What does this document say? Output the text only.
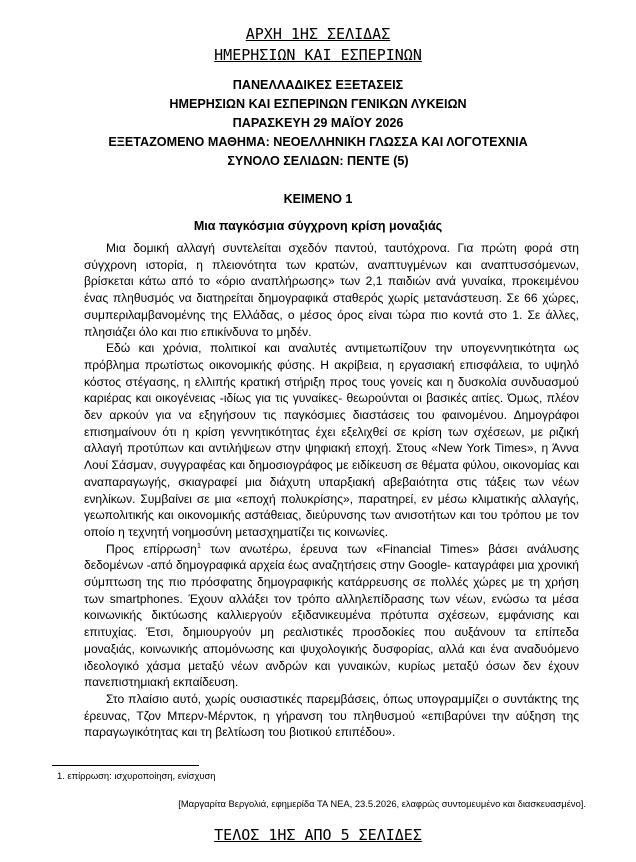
ΑΡΧΗ 1ΗΣ ΣΕΛΙΔΑΣ
ΗΜΕΡΗΣΙΩΝ ΚΑΙ ΕΣΠΕΡΙΝΩΝ
ΠΑΝΕΛΛΑΔΙΚΕΣ ΕΞΕΤΑΣΕΙΣ
ΗΜΕΡΗΣΙΩΝ ΚΑΙ ΕΣΠΕΡΙΝΩΝ ΓΕΝΙΚΩΝ ΛΥΚΕΙΩΝ
ΠΑΡΑΣΚΕΥΗ 29 ΜΑΪΟΥ 2026
ΕΞΕΤΑΖΟΜΕΝΟ ΜΑΘΗΜΑ: ΝΕΟΕΛΛΗΝΙΚΗ ΓΛΩΣΣΑ ΚΑΙ ΛΟΓΟΤΕΧΝΙΑ
ΣΥΝΟΛΟ ΣΕΛΙΔΩΝ: ΠΕΝΤΕ (5)
ΚΕΙΜΕΝΟ 1
Μια παγκόσμια σύγχρονη κρίση μοναξιάς

Μια δομική αλλαγή συντελείται σχεδόν παντού, ταυτόχρονα. Για πρώτη φορά στη σύγχρονη ιστορία, η πλειονότητα των κρατών, αναπτυγμένων και αναπτυσσόμενων, βρίσκεται κάτω από το «όριο αναπλήρωσης» των 2,1 παιδιών ανά γυναίκα, προκειμένου ένας πληθυσμός να διατηρείται δημογραφικά σταθερός χωρίς μετανάστευση. Σε 66 χώρες, συμπεριλαμβανομένης της Ελλάδας, ο μέσος όρος είναι τώρα πιο κοντά στο 1. Σε άλλες, πλησιάζει όλο και πιο επικίνδυνα το μηδέν.

Εδώ και χρόνια, πολιτικοί και αναλυτές αντιμετωπίζουν την υπογεννητικότητα ως πρόβλημα πρωτίστως οικονομικής φύσης. Η ακρίβεια, η εργασιακή επισφάλεια, το υψηλό κόστος στέγασης, η ελλιπής κρατική στήριξη προς τους γονείς και η δυσκολία συνδυασμού καριέρας και οικογένειας -ιδίως για τις γυναίκες- θεωρούνται οι βασικές αιτίες. Όμως, πλέον δεν αρκούν για να εξηγήσουν τις παγκόσμιες διαστάσεις του φαινομένου. Δημογράφοι επισημαίνουν ότι η κρίση γεννητικότητας έχει εξελιχθεί σε κρίση των σχέσεων, με ριζική αλλαγή προτύπων και αντιλήψεων στην ψηφιακή εποχή. Στους «New York Times», η Άννα Λουί Σάσμαν, συγγραφέας και δημοσιογράφος με ειδίκευση σε θέματα φύλου, οικονομίας και αναπαραγωγής, σκιαγραφεί μια διάχυτη υπαρξιακή αβεβαιότητα στις τάξεις των νέων ενηλίκων. Συμβαίνει σε μια «εποχή πολυκρίσης», παρατηρεί, εν μέσω κλιματικής αλλαγής, γεωπολιτικής και οικονομικής αστάθειας, διεύρυνσης των ανισοτήτων και του τρόπου με τον οποίο η τεχνητή νοημοσύνη μετασχηματίζει τις κοινωνίες.

Προς επίρρωση$^1$ των ανωτέρω, έρευνα των «Financial Times» βάσει ανάλυσης δεδομένων -από δημογραφικά αρχεία έως αναζητήσεις στην Google- καταγράφει μια χρονική σύμπτωση της πιο πρόσφατης δημογραφικής κατάρρευσης σε πολλές χώρες με τη χρήση των smartphones. Έχουν αλλάξει τον τρόπο αλληλεπίδρασης των νέων, ενώσω τα μέσα κοινωνικής δικτύωσης καλλιεργούν εξιδανικευμένα πρότυπα σχέσεων, εμφάνισης και επιτυχίας. Έτσι, δημιουργούν μη ρεαλιστικές προσδοκίες που αυξάνουν τα επίπεδα μοναξιάς, κοινωνικής απομόνωσης και ψυχολογικής δυσφορίας, αλλά και ένα αναδυόμενο ιδεολογικό χάσμα μεταξύ νέων ανδρών και γυναικών, κυρίως μεταξύ όσων δεν έχουν πανεπιστημιακή εκπαίδευση.

Στο πλαίσιο αυτό, χωρίς ουσιαστικές παρεμβάσεις, όπως υπογραμμίζει ο συντάκτης της έρευνας, Τζον Μπερν-Μέρντοκ, η γήρανση του πληθυσμού «επιβαρύνει την αύξηση της παραγωγικότητας και τη βελτίωση του βιοτικού επιπέδου».

1. επίρρωση: ισχυροποίηση, ενίσχυση
[Μαργαρίτα Βεργολιά, εφημερίδα ΤΑ ΝΕΑ, 23.5.2026, ελαφρώς συντομευμένο και διασκευασμένο].
ΤΕΛΟΣ 1ΗΣ ΑΠΟ 5 ΣΕΛΙΔΕΣ
